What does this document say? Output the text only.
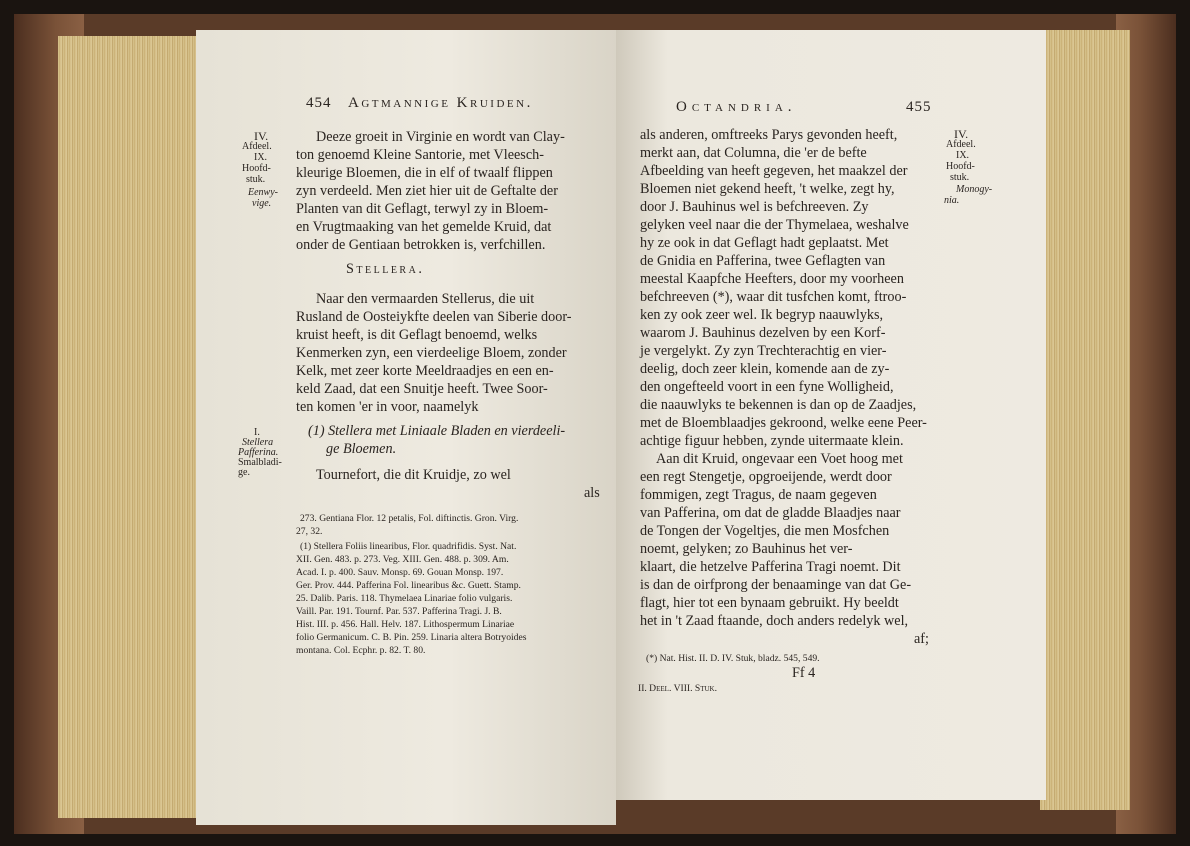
454 Agtmannige Kruiden.
IV.
Afdeel.
IX.
Hoofd-
stuk.
Eenwy-
vige.
Deeze groeit in Virginie en wordt van Clay-
ton genoemd Kleine Santorie, met Vleesch-
kleurige Bloemen, die in elf of twaalf flippen
zyn verdeeld. Men ziet hier uit de Geftalte der
Planten van dit Geflagt, terwyl zy in Bloem-
en Vrugtmaaking van het gemelde Kruid, dat
onder de Gentiaan betrokken is, verfchillen.
Stellera.
Naar den vermaarden Stellerus, die uit
Rusland de Oosteiykfte deelen van Siberie door-
kruist heeft, is dit Geflagt benoemd, welks
Kenmerken zyn, een vierdeelige Bloem, zonder
Kelk, met zeer korte Meeldraadjes en een en-
keld Zaad, dat een Snuitje heeft. Twee Soor-
ten komen 'er in voor, naamelyk
I.
Stellera
Pafferina.
Smalbladi-
ge.
(1) Stellera met Liniaale Bladen en vierdeeli-
ge Bloemen.
Tournefort, die dit Kruidje, zo wel
als
273. Gentiana Flor. 12 petalis, Fol. diftinctis. Gron. Virg.
27, 32.
(1) Stellera Foliis linearibus, Flor. quadrifidis. Syst. Nat.
XII. Gen. 483. p. 273. Veg. XIII. Gen. 488. p. 309. Am.
Acad. I. p. 400. Sauv. Monsp. 69. Gouan Monsp. 197.
Ger. Prov. 444. Pafferina Fol. linearibus &c. Guett. Stamp.
25. Dalib. Paris. 118. Thymelaea Linariae folio vulgaris.
Vaill. Par. 191. Tournf. Par. 537. Pafferina Tragi. J. B.
Hist. III. p. 456. Hall. Helv. 187. Lithospermum Linariae
folio Germanicum. C. B. Pin. 259. Linaria altera Botryoides
montana. Col. Ecphr. p. 82. T. 80.
Octandria.	455
IV.
Afdeel.
IX.
Hoofd-
stuk.
Monogy-
nia.
als anderen, omftreeks Parys gevonden heeft,
merkt aan, dat Columna, die 'er de befte
Afbeelding van heeft gegeven, het maakzel der
Bloemen niet gekend heeft, 't welke, zegt hy,
door J. Bauhinus wel is befchreeven. Zy
gelyken veel naar die der Thymelaea, weshalve
hy ze ook in dat Geflagt hadt geplaatst. Met
de Gnidia en Pafferina, twee Geflagten van
meestal Kaapfche Heefters, door my voorheen
befchreeven (*), waar dit tusfchen komt, ftroo-
ken zy ook zeer wel. Ik begryp naauwlyks,
waarom J. Bauhinus dezelven by een Korf-
je vergelykt. Zy zyn Trechterachtig en vier-
deelig, doch zeer klein, komende aan de zy-
den ongefteeld voort in een fyne Wolligheid,
die naauwlyks te bekennen is dan op de Zaadjes,
met de Bloemblaadjes gekroond, welke eene Peer-
achtige figuur hebben, zynde uitermaate klein.
Aan dit Kruid, ongevaar een Voet hoog met
een regt Stengetje, opgroeijende, werdt door
fommigen, zegt Tragus, de naam gegeven
van Pafferina, om dat de gladde Blaadjes naar
de Tongen der Vogeltjes, die men Mosfchen
noemt, gelyken; zo Bauhinus het ver-
klaart, die hetzelve Pafferina Tragi noemt. Dit
is dan de oirfprong der benaaminge van dat Ge-
flagt, hier tot een bynaam gebruikt. Hy beeldt
het in 't Zaad ftaande, doch anders redelyk wel,
af;
(*) Nat. Hist. II. D. IV. Stuk, bladz. 545, 549.
Ff 4
II. Deel. VIII. Stuk.
